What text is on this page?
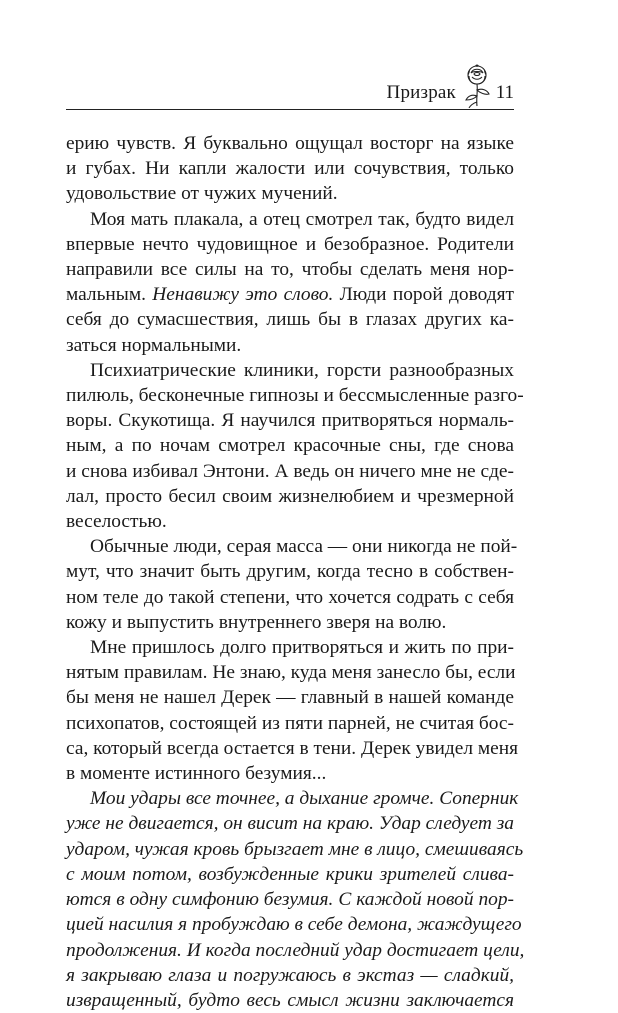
Призрак 11
ерию чувств. Я буквально ощущал восторг на языке
и губах. Ни капли жалости или сочувствия, только
удовольствие от чужих мучений.
Моя мать плакала, а отец смотрел так, будто видел
впервые нечто чудовищное и безобразное. Родители
направили все силы на то, чтобы сделать меня нор-
мальным. Ненавижу это слово. Люди порой доводят
себя до сумасшествия, лишь бы в глазах других ка-
заться нормальными.
Психиатрические клиники, горсти разнообразных
пилюль, бесконечные гипнозы и бессмысленные разго-
воры. Скукотища. Я научился притворяться нормаль-
ным, а по ночам смотрел красочные сны, где снова
и снова избивал Энтони. А ведь он ничего мне не сде-
лал, просто бесил своим жизнелюбием и чрезмерной
веселостью.
Обычные люди, серая масса — они никогда не пой-
мут, что значит быть другим, когда тесно в собствен-
ном теле до такой степени, что хочется содрать с себя
кожу и выпустить внутреннего зверя на волю.
Мне пришлось долго притворяться и жить по при-
нятым правилам. Не знаю, куда меня занесло бы, если
бы меня не нашел Дерек — главный в нашей команде
психопатов, состоящей из пяти парней, не считая бос-
са, который всегда остается в тени. Дерек увидел меня
в моменте истинного безумия...
Мои удары все точнее, а дыхание громче. Соперник
уже не двигается, он висит на краю. Удар следует за
ударом, чужая кровь брызгает мне в лицо, смешиваясь
с моим потом, возбужденные крики зрителей слива-
ются в одну симфонию безумия. С каждой новой пор-
цией насилия я пробуждаю в себе демона, жаждущего
продолжения. И когда последний удар достигает цели,
я закрываю глаза и погружаюсь в экстаз — сладкий,
извращенный, будто весь смысл жизни заключается
